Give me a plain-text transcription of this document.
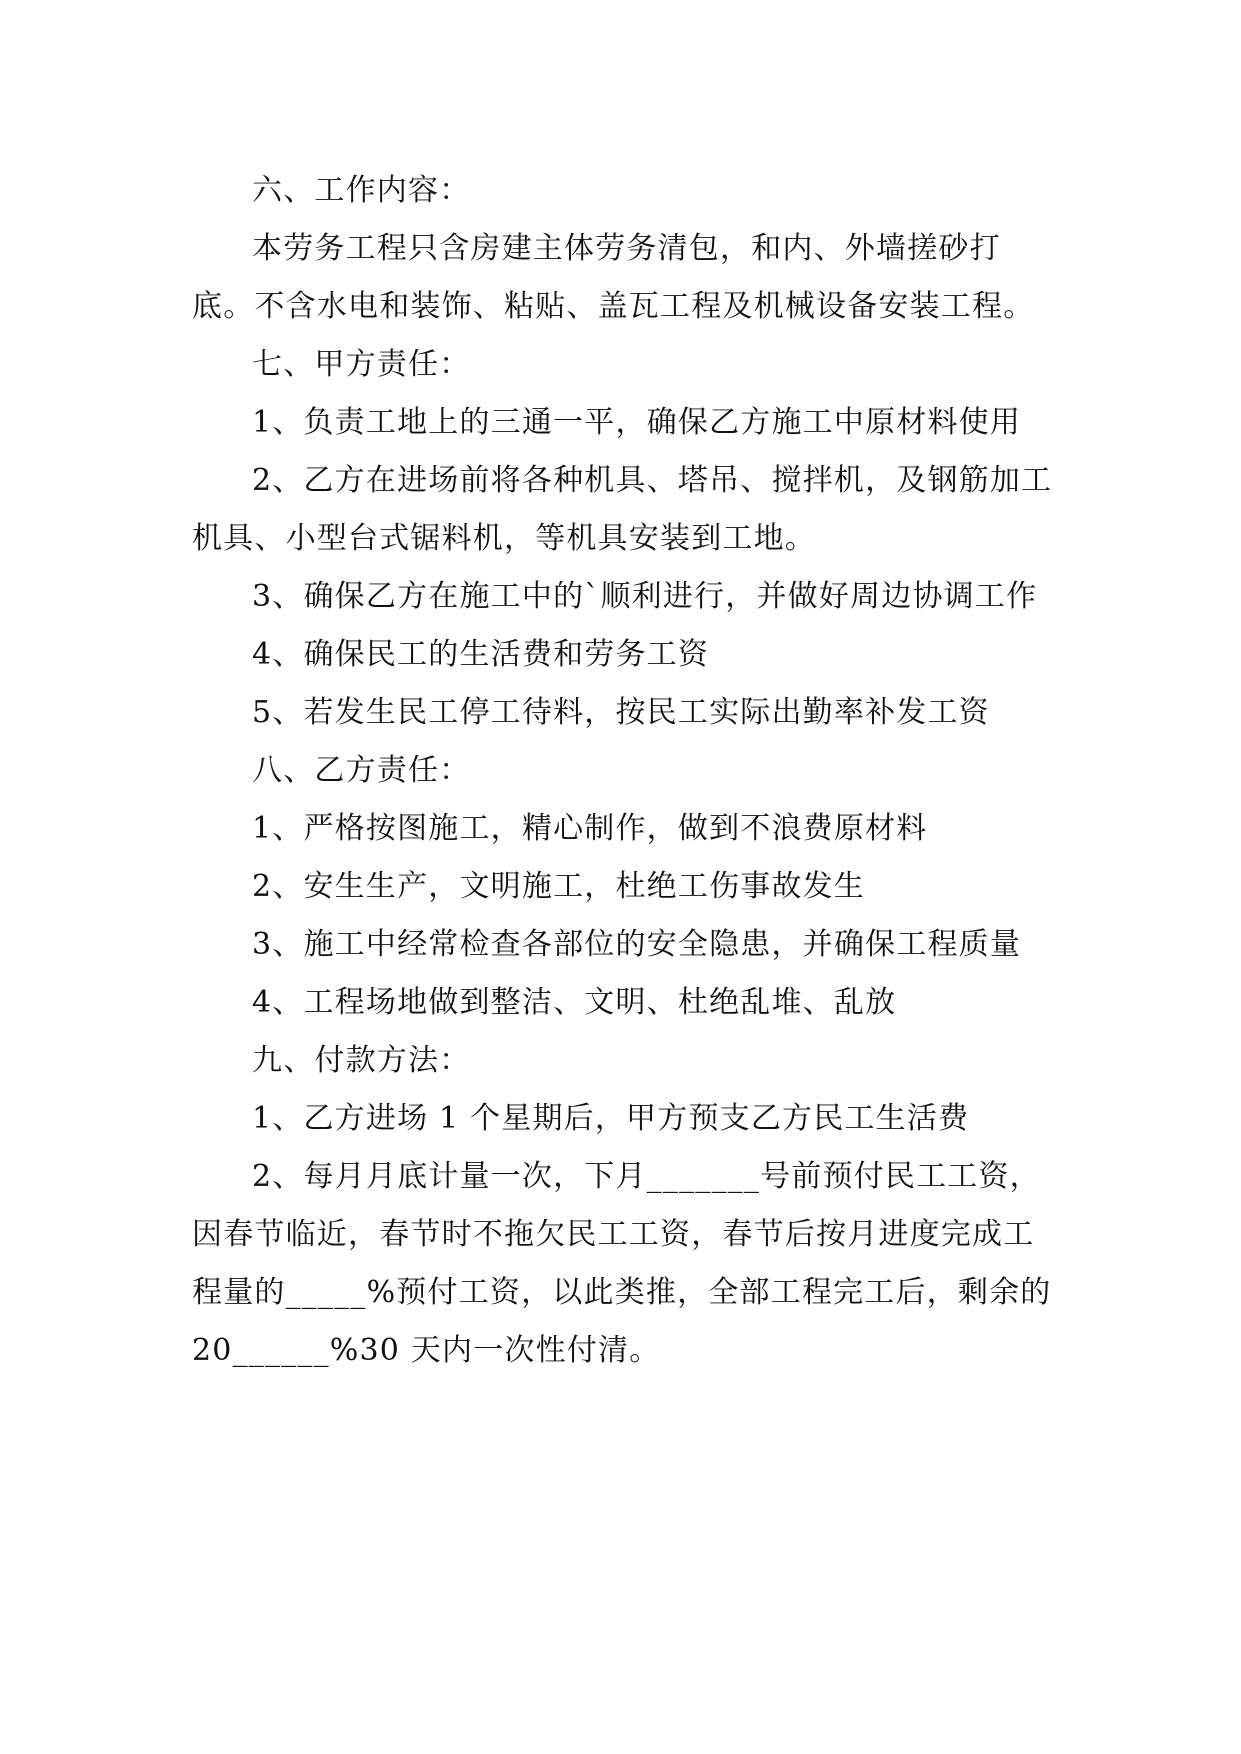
六、工作内容：

本劳务工程只含房建主体劳务清包，和内、外墙搓砂打底。不含水电和装饰、粘贴、盖瓦工程及机械设备安装工程。

七、甲方责任：

1、负责工地上的三通一平，确保乙方施工中原材料使用

2、乙方在进场前将各种机具、塔吊、搅拌机，及钢筋加工机具、小型台式锯料机，等机具安装到工地。

3、确保乙方在施工中的`顺利进行，并做好周边协调工作

4、确保民工的生活费和劳务工资

5、若发生民工停工待料，按民工实际出勤率补发工资

八、乙方责任：

1、严格按图施工，精心制作，做到不浪费原材料

2、安生生产，文明施工，杜绝工伤事故发生

3、施工中经常检查各部位的安全隐患，并确保工程质量

4、工程场地做到整洁、文明、杜绝乱堆、乱放

九、付款方法：

1、乙方进场 1 个星期后，甲方预支乙方民工生活费

2、每月月底计量一次，下月_______号前预付民工工资，因春节临近，春节时不拖欠民工工资，春节后按月进度完成工程量的_____%预付工资，以此类推，全部工程完工后，剩余的 20______%30 天内一次性付清。
